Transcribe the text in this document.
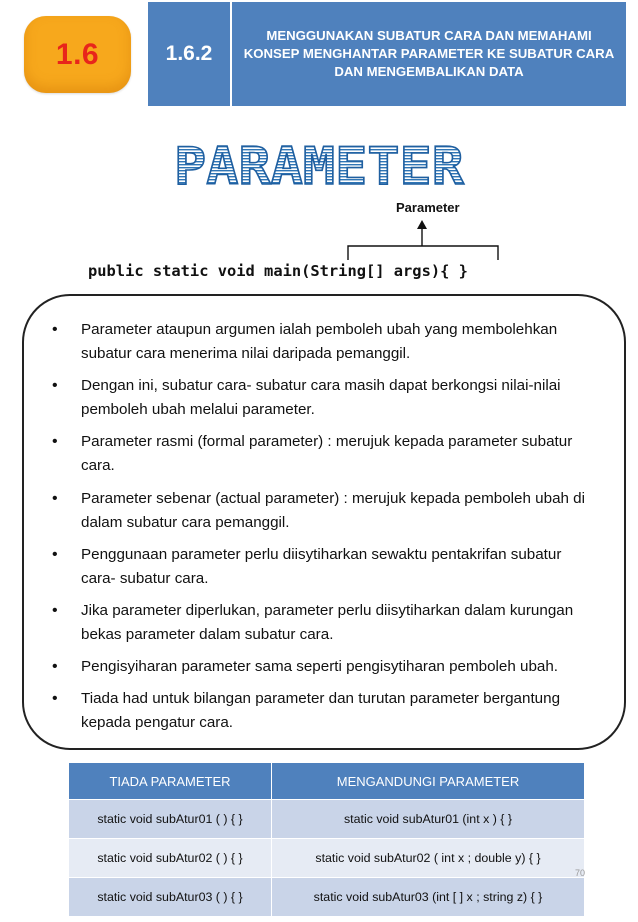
1.6	1.6.2
MENGGUNAKAN SUBATUR CARA DAN MEMAHAMI KONSEP MENGHANTAR PARAMETER KE SUBATUR CARA DAN MENGEMBALIKAN DATA
PARAMETER
Parameter
public static void main(String[] args){ }
• Parameter ataupun argumen ialah pemboleh ubah yang membolehkan subatur cara menerima nilai daripada pemanggil.
• Dengan ini, subatur cara- subatur cara masih dapat berkongsi nilai-nilai pemboleh ubah melalui parameter.
• Parameter rasmi (formal parameter) : merujuk kepada parameter subatur cara.
• Parameter sebenar (actual parameter) : merujuk kepada pemboleh ubah di dalam subatur cara pemanggil.
• Penggunaan parameter perlu diisytiharkan sewaktu pentakrifan subatur cara- subatur cara.
• Jika parameter diperlukan, parameter perlu diisytiharkan dalam kurungan bekas parameter dalam subatur cara.
• Pengisyiharan parameter sama seperti pengisytiharan pemboleh ubah.
• Tiada had untuk bilangan parameter dan turutan parameter bergantung kepada pengatur cara.
TIADA PARAMETER	MENGANDUNGI PARAMETER
static void subAtur01 ( ) { }	static void subAtur01 (int x ) { }
static void subAtur02 ( ) { }	static void subAtur02 ( int x ; double y) { }
static void subAtur03 ( ) { }	static void subAtur03 (int [ ] x ; string z) { }
70
